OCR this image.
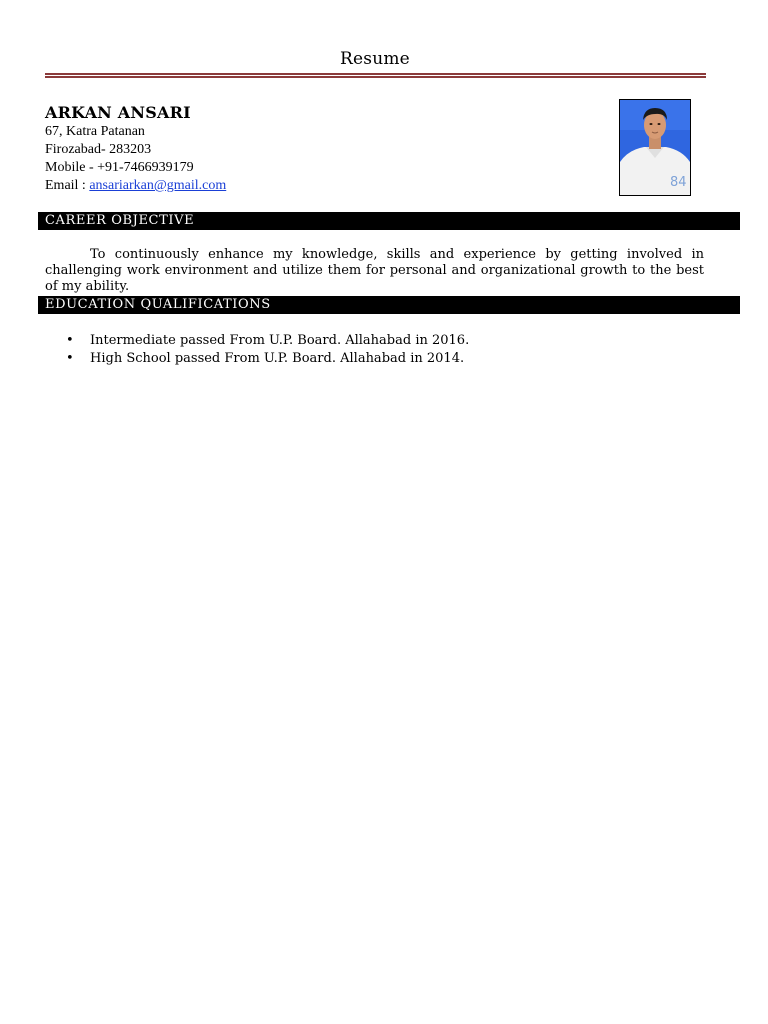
Resume
ARKAN ANSARI
67, Katra Patanan
Firozabad- 283203
Mobile - +91-7466939179
Email : ansariarkan@gmail.com	84
CAREER OBJECTIVE
To continuously enhance my knowledge, skills and experience by getting involved in challenging work environment and utilize them for personal and organizational growth to the best of my ability.
EDUCATION QUALIFICATIONS
• Intermediate passed From U.P. Board. Allahabad in 2016.
• High School passed From U.P. Board. Allahabad in 2014.
